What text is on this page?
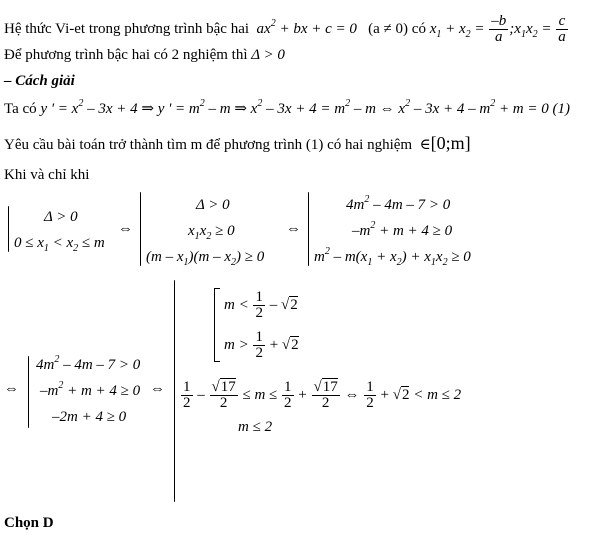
Hệ thức Vi-et trong phương trình bậc hai $ax^2$ + bx + c = 0 (a ≠ 0) có $x_1 + x_2 = \frac{-b}{a}$ $;x_1x_2 = \frac{c}{a}$
Để phương trình bậc hai có 2 nghiệm thì Δ > 0
– Cách giải
Ta có y ' = $x^2 - 3x + 4$ ⇒ y ' = $m^2$ – m ⇒ $x^2 - 3x + 4 = m^2 - m$ ⇔ $x^2 - 3x + 4 - m^2 + m = 0$ (1)
Yêu cầu bài toán trở thành tìm m để phương trình (1) có hai nghiệm  ∈[0;m]
Khi và chỉ khi
Δ > 0
$0 \le x_1 < x_2 \le m$
⇔
Δ > 0
$x_1x_2 \ge 0$
$(m - x_1)(m - x_2) \ge 0$
⇔
$4m^2 - 4m - 7 > 0$
$-m^2 + m + 4 \ge 0$
$m^2 - m(x_1 + x_2) + x_1x_2 \ge 0$
⇔
$4m^2 - 4m - 7 > 0$
$-m^2 + m + 4 \ge 0$
–2m + 4 ≥ 0
⇔
$m < \frac{1}{2} - √2$
$m > \frac{1}{2} + √2$
$\frac{1}{2} - \frac{√17}{2} \le m \le \frac{1}{2} + \frac{√17}{2}$ ⇔ $\frac{1}{2} + √2 < m \le 2$
m ≤ 2
Chọn D
